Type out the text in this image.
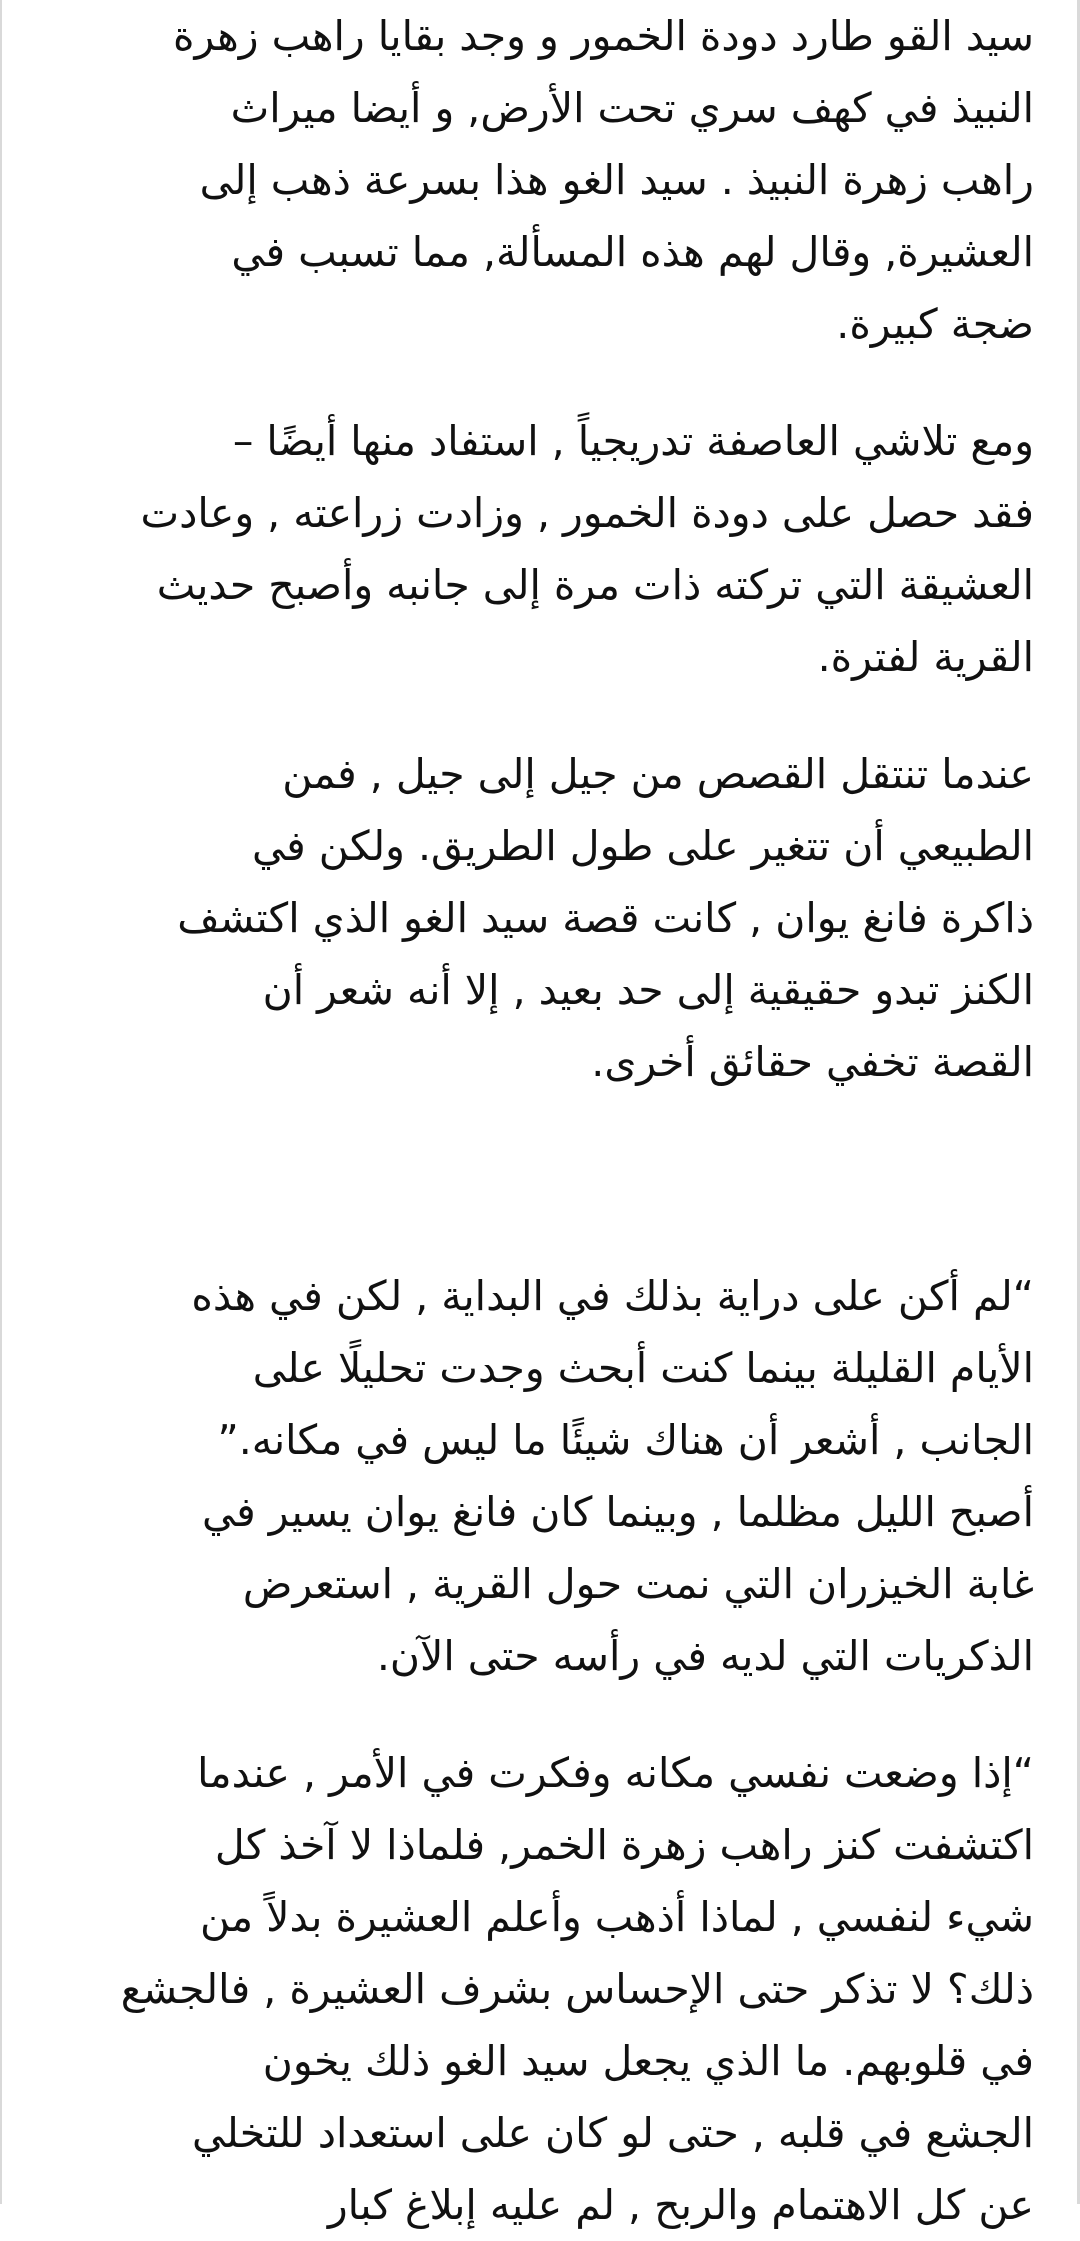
سيد القو طارد دودة الخمور و وجد بقايا راهب زهرة
النبيذ في كهف سري تحت الأرض, و أيضا ميراث
راهب زهرة النبيذ . سيد الغو هذا بسرعة ذهب إلى
العشيرة, وقال لهم هذه المسألة, مما تسبب في
ضجة كبيرة.
ومع تلاشي العاصفة تدريجياً , استفاد منها أيضًا –
فقد حصل على دودة الخمور , وزادت زراعته , وعادت
العشيقة التي تركته ذات مرة إلى جانبه وأصبح حديث
القرية لفترة.
عندما تنتقل القصص من جيل إلى جيل , فمن
الطبيعي أن تتغير على طول الطريق. ولكن في
ذاكرة فانغ يوان , كانت قصة سيد الغو الذي اكتشف
الكنز تبدو حقيقية إلى حد بعيد , إلا أنه شعر أن
القصة تخفي حقائق أخرى.
“لم أكن على دراية بذلك في البداية , لكن في هذه
الأيام القليلة بينما كنت أبحث وجدت تحليلًا على
الجانب , أشعر أن هناك شيئًا ما ليس في مكانه.”
أصبح الليل مظلما , وبينما كان فانغ يوان يسير في
غابة الخيزران التي نمت حول القرية , استعرض
الذكريات التي لديه في رأسه حتى الآن.
“إذا وضعت نفسي مكانه وفكرت في الأمر , عندما
اكتشفت كنز راهب زهرة الخمر, فلماذا لا آخذ كل
شيء لنفسي , لماذا أذهب وأعلم العشيرة بدلاً من
ذلك؟ لا تذكر حتى الإحساس بشرف العشيرة , فالجشع
في قلوبهم. ما الذي يجعل سيد الغو ذلك يخون
الجشع في قلبه , حتى لو كان على استعداد للتخلي
عن كل الاهتمام والربح , لم عليه إبلاغ كبار
